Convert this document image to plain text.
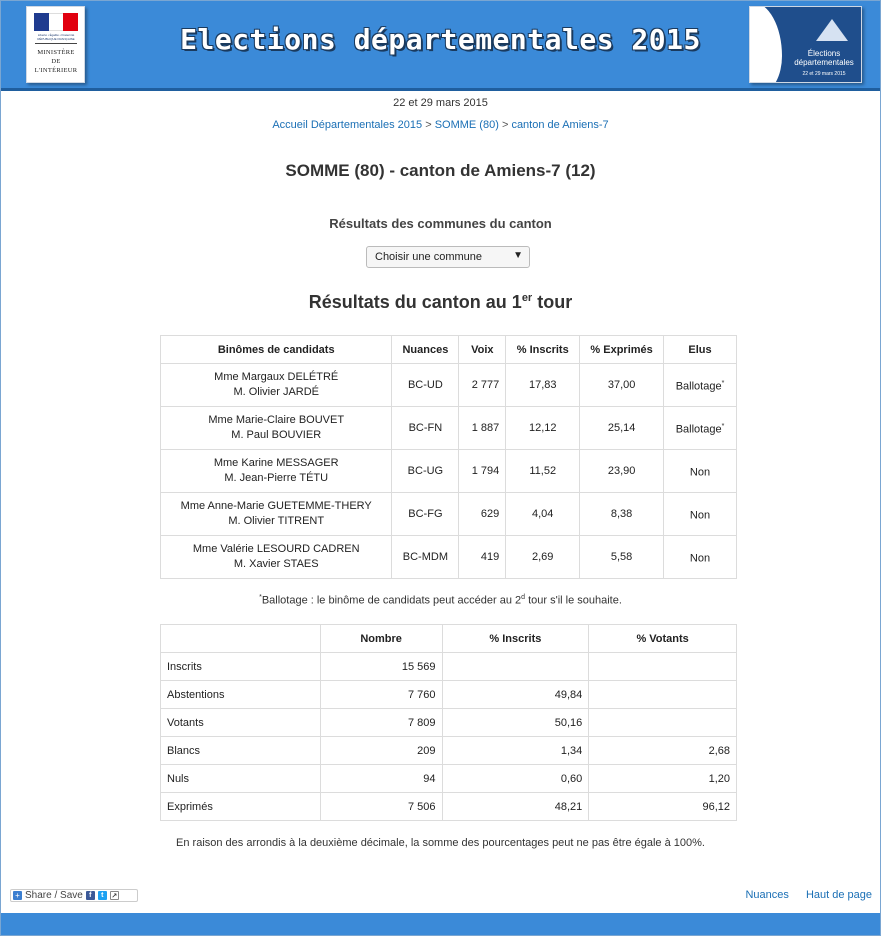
Liberté • Égalité • Fraternité RÉPUBLIQUE FRANÇAISE
MINISTÈRE
DE
L'INTÉRIEUR
Elections départementales 2015	Élections départementales
22 et 29 mars 2015
22 et 29 mars 2015
Accueil Départementales 2015 > SOMME (80) > canton de Amiens-7
SOMME (80) - canton de Amiens-7 (12)
Résultats des communes du canton
Choisir une commune	▼
Résultats du canton au 1er tour
Binômes de candidats	Nuances	Voix	% Inscrits	% Exprimés	Elus

Mme Margaux DELÉTRÉ
M. Olivier JARDÉ	BC-UD	2 777	17,83	37,00	Ballotage*

Mme Marie-Claire BOUVET
M. Paul BOUVIER	BC-FN	1 887	12,12	25,14	Ballotage*

Mme Karine MESSAGER
M. Jean-Pierre TÉTU	BC-UG	1 794	11,52	23,90	Non

Mme Anne-Marie GUETEMME-THERY
M. Olivier TITRENT	BC-FG	629	4,04	8,38	Non

Mme Valérie LESOURD CADREN
M. Xavier STAES	BC-MDM	419	2,69	5,58	Non
*Ballotage : le binôme de candidats peut accéder au 2$^d$ tour s'il le souhaite.
	Nombre	% Inscrits	% Votants
Inscrits	15 569		
Abstentions	7 760	49,84	
Votants	7 809	50,16	
Blancs	209	1,34	2,68
Nuls	94	0,60	1,20
Exprimés	7 506	48,21	96,12
En raison des arrondis à la deuxième décimale, la somme des pourcentages peut ne pas être égale à 100%.
+ Share / Save f	t	↗	Nuances Haut de page
